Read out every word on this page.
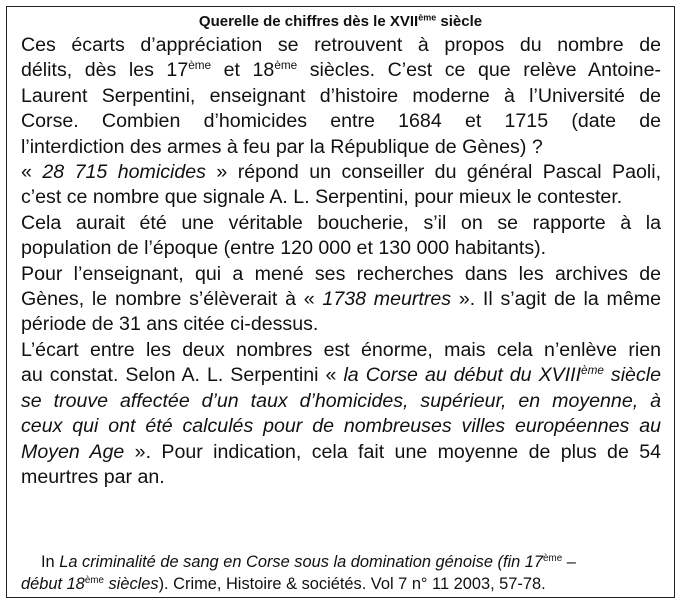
Querelle de chiffres dès le XVIIème siècle

Ces écarts d’appréciation se retrouvent à propos du nombre de
délits, dès les 17ème et 18ème siècles. C’est ce que relève Antoine-
Laurent Serpentini, enseignant d’histoire moderne à l’Université de
Corse. Combien d’homicides entre 1684 et 1715 (date de
l’interdiction des armes à feu par la République de Gènes) ?

« 28 715 homicides » répond un conseiller du général Pascal Paoli,
c’est ce nombre que signale A. L. Serpentini, pour mieux le contester.

Cela aurait été une véritable boucherie, s’il on se rapporte à la
population de l’époque (entre 120 000 et 130 000 habitants).

Pour l’enseignant, qui a mené ses recherches dans les archives de
Gènes, le nombre s’élèverait à « 1738 meurtres ». Il s’agit de la même
période de 31 ans citée ci-dessus.

L’écart entre les deux nombres est énorme, mais cela n’enlève rien
au constat. Selon A. L. Serpentini « la Corse au début du XVIIIème siècle
se trouve affectée d’un taux d’homicides, supérieur, en moyenne, à
ceux qui ont été calculés pour de nombreuses villes européennes au
Moyen Age ». Pour indication, cela fait une moyenne de plus de 54
meurtres par an.

In La criminalité de sang en Corse sous la domination génoise (fin 17ème –
début 18ème siècles). Crime, Histoire & sociétés. Vol 7 n° 11 2003, 57-78.
